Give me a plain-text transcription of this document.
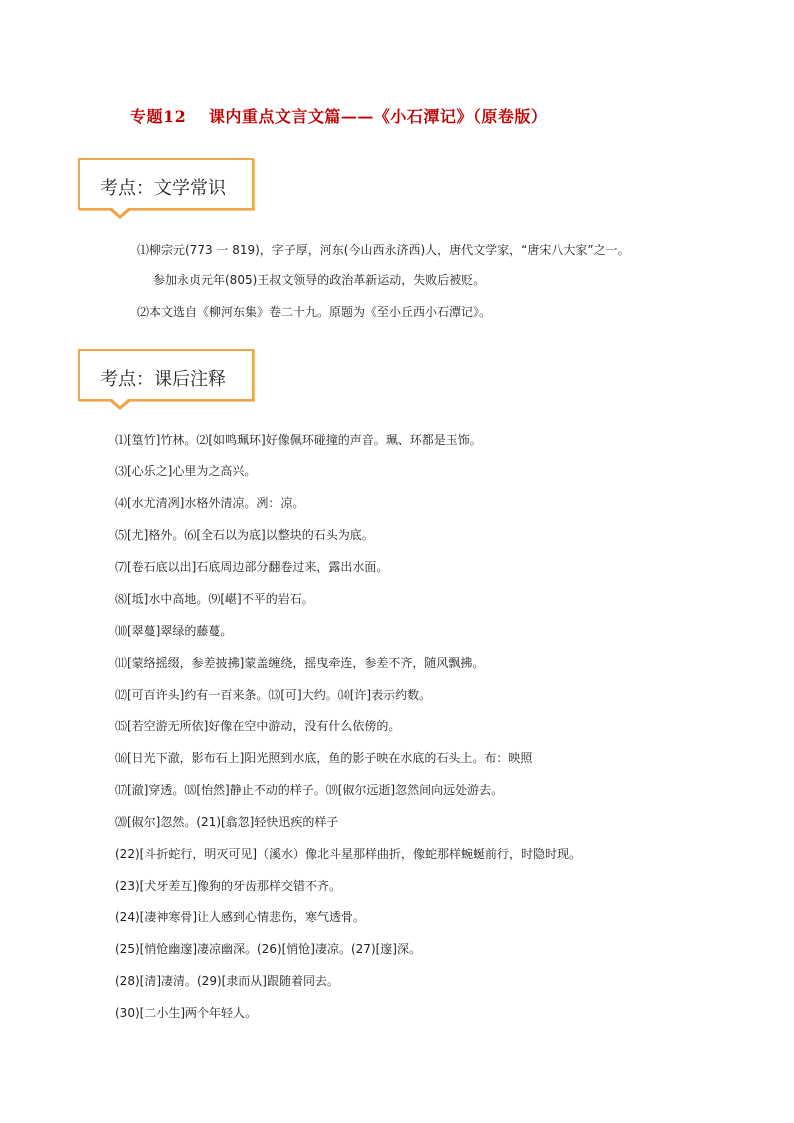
专题12　 课内重点文言文篇——《小石潭记》（原卷版）
考点：文学常识
⑴柳宗元(773 一 819)，字子厚，河东(今山西永济西)人，唐代文学家，“唐宋八大家”之一。
参加永贞元年(805)王叔文领导的政治革新运动，失败后被贬。
⑵本文选自《柳河东集》卷二十九。原题为《至小丘西小石潭记》。
考点：课后注释
⑴[篁竹]竹林。⑵[如鸣珮环]好像佩环碰撞的声音。珮、环都是玉饰。
⑶[心乐之]心里为之高兴。
⑷[水尤清冽]水格外清凉。冽：凉。
⑸[尤]格外。⑹[全石以为底]以整块的石头为底。
⑺[卷石底以出]石底周边部分翻卷过来，露出水面。
⑻[坻]水中高地。⑼[嵁]不平的岩石。
⑽[翠蔓]翠绿的藤蔓。
⑾[蒙络摇缀，参差披拂]蒙盖缠绕，摇曳牵连，参差不齐，随风飘拂。
⑿[可百许头]约有一百来条。⒀[可]大约。⒁[许]表示约数。
⒂[若空游无所依]好像在空中游动，没有什么依傍的。
⒃[日光下澈，影布石上]阳光照到水底，鱼的影子映在水底的石头上。布：映照
⒄[澈]穿透。⒅[怡然]静止不动的样子。⒆[俶尔远逝]忽然间向远处游去。
⒇[俶尔]忽然。(21)[翕忽]轻快迅疾的样子
(22)[斗折蛇行，明灭可见]（溪水）像北斗星那样曲折，像蛇那样蜿蜒前行，时隐时现。
(23)[犬牙差互]像狗的牙齿那样交错不齐。
(24)[凄神寒骨]让人感到心情悲伤，寒气透骨。
(25)[悄怆幽邃]凄凉幽深。(26)[悄怆]凄凉。(27)[邃]深。
(28)[清]凄清。(29)[隶而从]跟随着同去。
(30)[二小生]两个年轻人。
